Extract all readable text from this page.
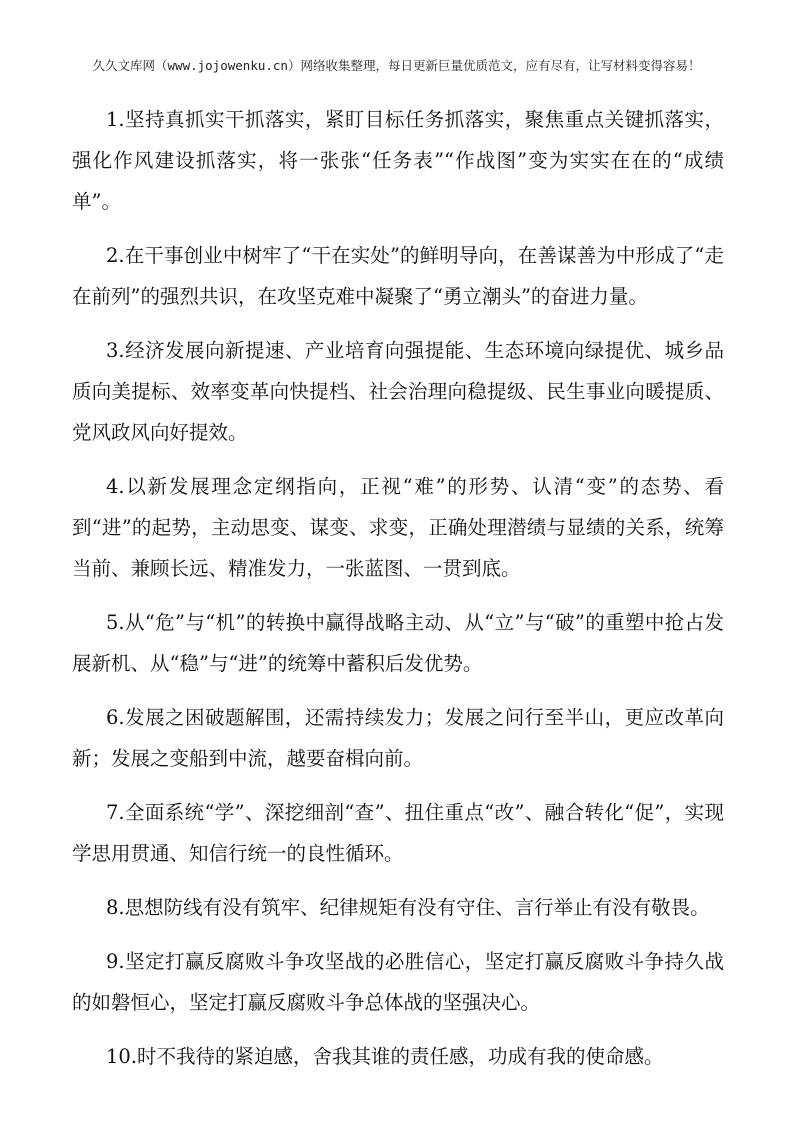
久久文库网（www.jojowenku.cn）网络收集整理，每日更新巨量优质范文，应有尽有，让写材料变得容易！

1.坚持真抓实干抓落实，紧盯目标任务抓落实，聚焦重点关键抓落实，强化作风建设抓落实，将一张张“任务表”“作战图”变为实实在在的“成绩单”。

2.在干事创业中树牢了“干在实处”的鲜明导向，在善谋善为中形成了“走在前列”的强烈共识，在攻坚克难中凝聚了“勇立潮头”的奋进力量。

3.经济发展向新提速、产业培育向强提能、生态环境向绿提优、城乡品质向美提标、效率变革向快提档、社会治理向稳提级、民生事业向暖提质、党风政风向好提效。

4.以新发展理念定纲指向，正视“难”的形势、认清“变”的态势、看到“进”的起势，主动思变、谋变、求变，正确处理潜绩与显绩的关系，统筹当前、兼顾长远、精准发力，一张蓝图、一贯到底。

5.从“危”与“机”的转换中赢得战略主动、从“立”与“破”的重塑中抢占发展新机、从“稳”与“进”的统筹中蓄积后发优势。

6.发展之困破题解围，还需持续发力；发展之问行至半山，更应改革向新；发展之变船到中流，越要奋楫向前。

7.全面系统“学”、深挖细剖“查”、扭住重点“改”、融合转化“促”，实现学思用贯通、知信行统一的良性循环。

8.思想防线有没有筑牢、纪律规矩有没有守住、言行举止有没有敬畏。

9.坚定打赢反腐败斗争攻坚战的必胜信心，坚定打赢反腐败斗争持久战的如磐恒心，坚定打赢反腐败斗争总体战的坚强决心。

10.时不我待的紧迫感，舍我其谁的责任感，功成有我的使命感。
